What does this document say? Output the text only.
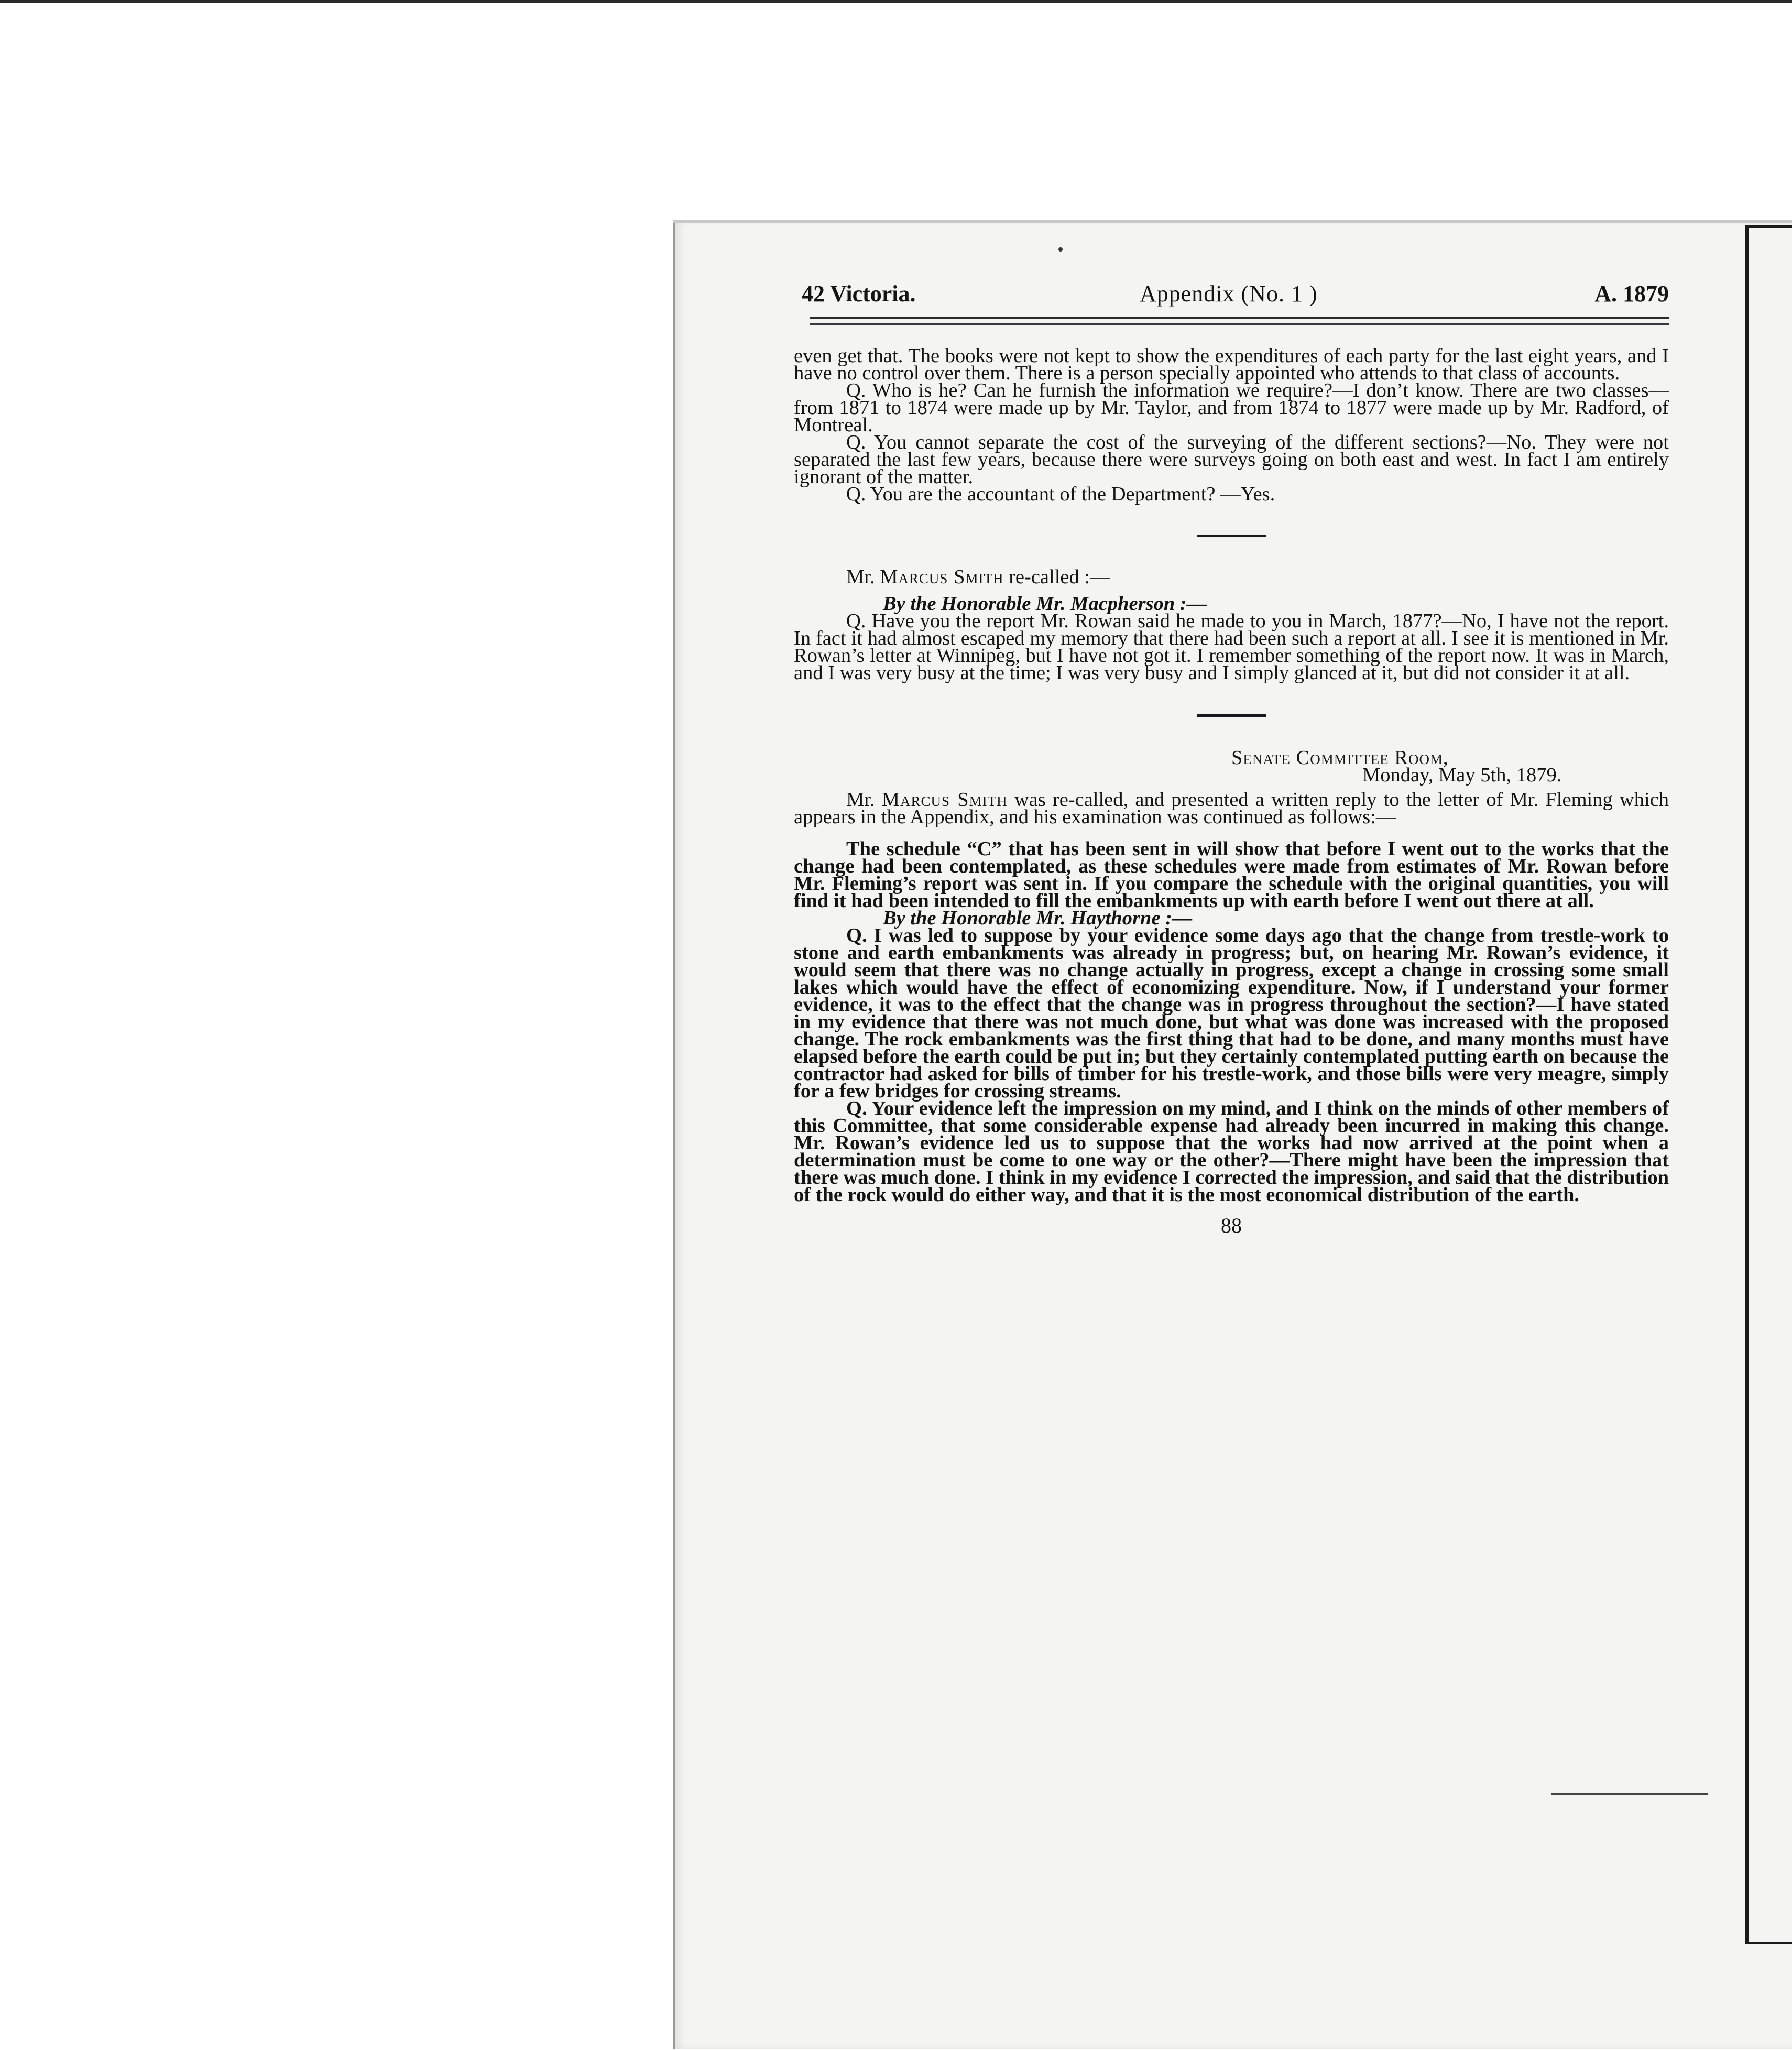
42 Victoria.	Appendix (No. 1 )	A. 1879

even get that. The books were not kept to show the expenditures of each party for the last eight years, and I have no control over them. There is a person specially appointed who attends to that class of accounts.

Q. Who is he? Can he furnish the information we require?—I don’t know. There are two classes—from 1871 to 1874 were made up by Mr. Taylor, and from 1874 to 1877 were made up by Mr. Radford, of Montreal.

Q. You cannot separate the cost of the surveying of the different sections?—No. They were not separated the last few years, because there were surveys going on both east and west. In fact I am entirely ignorant of the matter.

Q. You are the accountant of the Department? —Yes.

Mr. Marcus Smith re-called :—

By the Honorable Mr. Macpherson :—

Q. Have you the report Mr. Rowan said he made to you in March, 1877?—No, I have not the report. In fact it had almost escaped my memory that there had been such a report at all. I see it is mentioned in Mr. Rowan’s letter at Winnipeg, but I have not got it. I remember something of the report now. It was in March, and I was very busy at the time; I was very busy and I simply glanced at it, but did not consider it at all.

Senate Committee Room,

Monday, May 5th, 1879.

Mr. Marcus Smith was re-called, and presented a written reply to the letter of Mr. Fleming which appears in the Appendix, and his examination was continued as follows:—

The schedule “C” that has been sent in will show that before I went out to the works that the change had been contemplated, as these schedules were made from estimates of Mr. Rowan before Mr. Fleming’s report was sent in. If you compare the schedule with the original quantities, you will find it had been intended to fill the embankments up with earth before I went out there at all.

By the Honorable Mr. Haythorne :—

Q. I was led to suppose by your evidence some days ago that the change from trestle-work to stone and earth embankments was already in progress; but, on hearing Mr. Rowan’s evidence, it would seem that there was no change actually in progress, except a change in crossing some small lakes which would have the effect of economizing expenditure. Now, if I understand your former evidence, it was to the effect that the change was in progress throughout the section?—I have stated in my evidence that there was not much done, but what was done was increased with the proposed change. The rock embankments was the first thing that had to be done, and many months must have elapsed before the earth could be put in; but they certainly contemplated putting earth on because the contractor had asked for bills of timber for his trestle-work, and those bills were very meagre, simply for a few bridges for crossing streams.

Q. Your evidence left the impression on my mind, and I think on the minds of other members of this Committee, that some considerable expense had already been incurred in making this change. Mr. Rowan’s evidence led us to suppose that the works had now arrived at the point when a determination must be come to one way or the other?—There might have been the impression that there was much done. I think in my evidence I corrected the impression, and said that the distribution of the rock would do either way, and that it is the most economical distribution of the earth.

88
